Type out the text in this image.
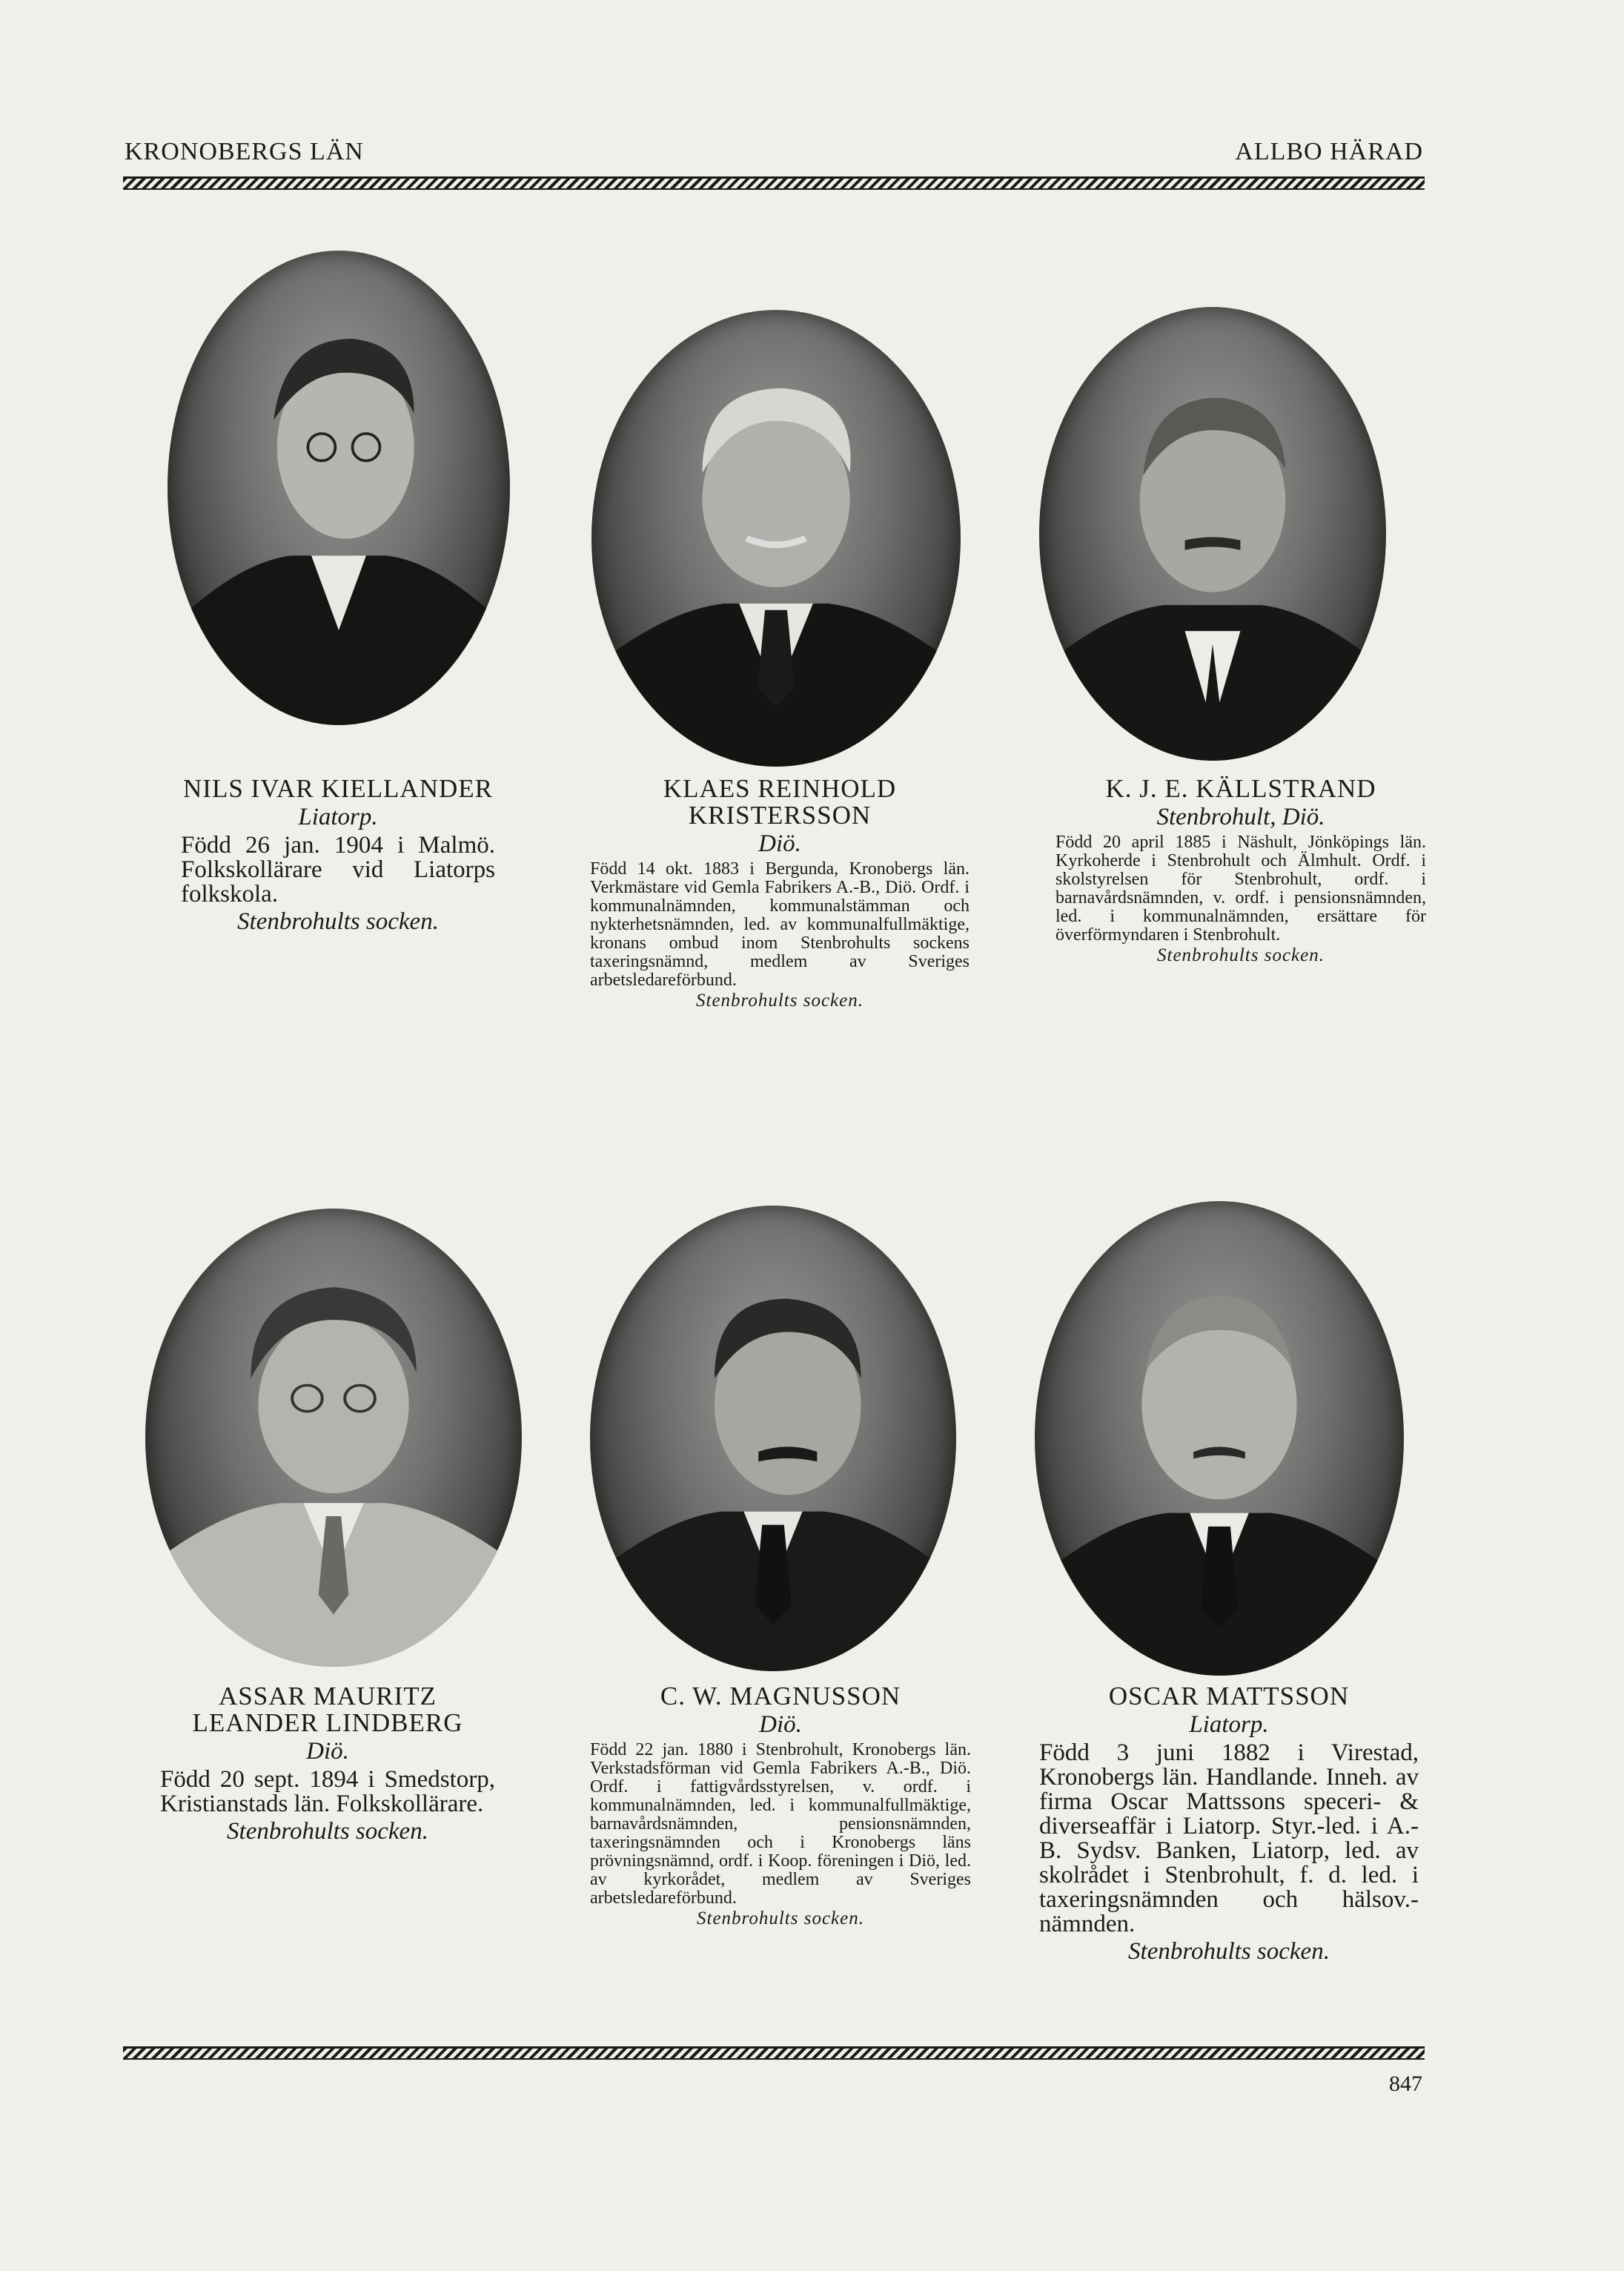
KRONOBERGS LÄN	ALLBO HÄRAD
NILS IVAR KIELLANDER
Liatorp.
Född 26 jan. 1904 i Malmö. Folkskollärare vid Liatorps folkskola.
Stenbrohults socken.
KLAES REINHOLD KRISTERSSON
Diö.
Född 14 okt. 1883 i Bergunda, Kronobergs län. Verkmästare vid Gemla Fabrikers A.-B., Diö. Ordf. i kommunalnämnden, kommunalstämman och nykterhetsnämnden, led. av kommunalfullmäktige, kronans ombud inom Stenbrohults sockens taxeringsnämnd, medlem av Sveriges arbetsledareförbund.
Stenbrohults socken.
K. J. E. KÄLLSTRAND
Stenbrohult, Diö.
Född 20 april 1885 i Näshult, Jönköpings län. Kyrkoherde i Stenbrohult och Älmhult. Ordf. i skolstyrelsen för Stenbrohult, ordf. i barnavårdsnämnden, v. ordf. i pensionsnämnden, led. i kommunalnämnden, ersättare för överförmyndaren i Stenbrohult.
Stenbrohults socken.
ASSAR MAURITZ LEANDER LINDBERG
Diö.
Född 20 sept. 1894 i Smedstorp, Kristianstads län. Folkskollärare.
Stenbrohults socken.
C. W. MAGNUSSON
Diö.
Född 22 jan. 1880 i Stenbrohult, Kronobergs län. Verkstadsförman vid Gemla Fabrikers A.-B., Diö. Ordf. i fattigvårdsstyrelsen, v. ordf. i kommunalnämnden, led. i kommunalfullmäktige, barnavårdsnämnden, pensionsnämnden, taxeringsnämnden och i Kronobergs läns prövningsnämnd, ordf. i Koop. föreningen i Diö, led. av kyrkorådet, medlem av Sveriges arbetsledareförbund.
Stenbrohults socken.
OSCAR MATTSSON
Liatorp.
Född 3 juni 1882 i Virestad, Kronobergs län. Handlande. Inneh. av firma Oscar Mattssons speceri- & diverseaffär i Liatorp. Styr.-led. i A.-B. Sydsv. Banken, Liatorp, led. av skolrådet i Stenbrohult, f. d. led. i taxeringsnämnden och hälsov.-nämnden.
Stenbrohults socken.
847
